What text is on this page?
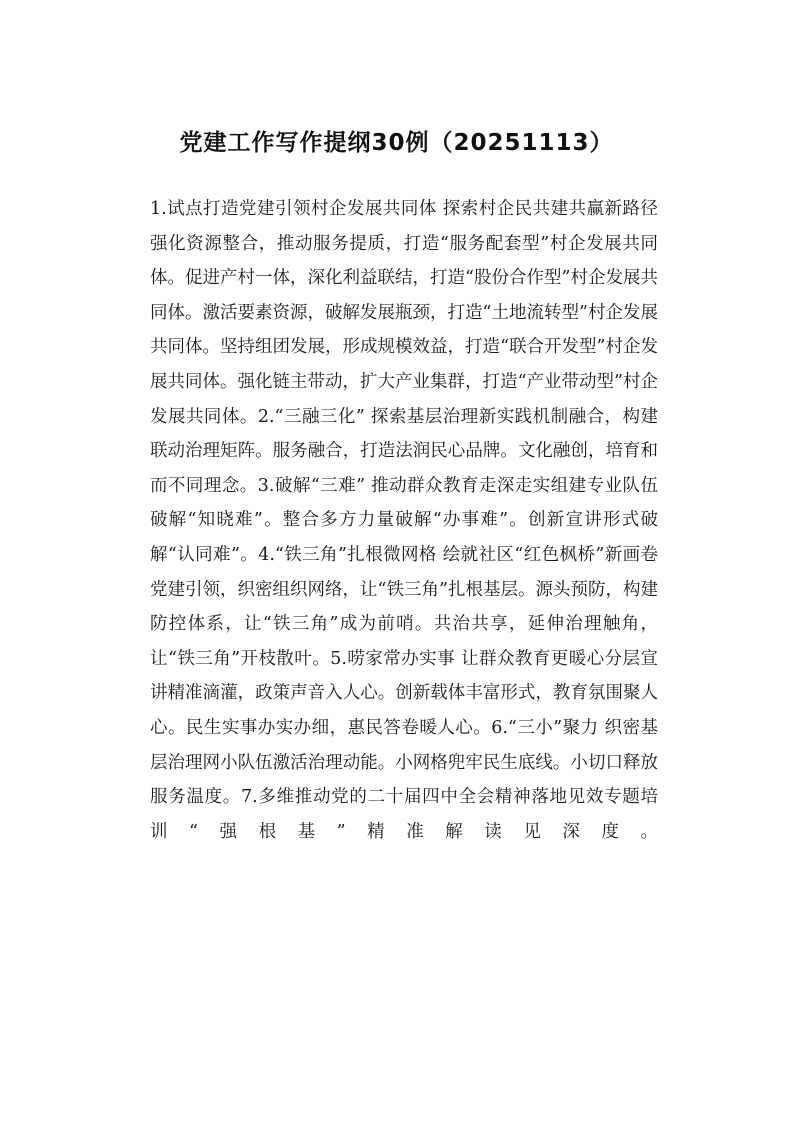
党建工作写作提纲30例（20251113）

1.试点打造党建引领村企发展共同体 探索村企民共建共赢新路径强化资源整合，推动服务提质，打造“服务配套型”村企发展共同体。促进产村一体，深化利益联结，打造“股份合作型”村企发展共同体。激活要素资源，破解发展瓶颈，打造“土地流转型”村企发展共同体。坚持组团发展，形成规模效益，打造“联合开发型”村企发展共同体。强化链主带动，扩大产业集群，打造“产业带动型”村企发展共同体。2.“三融三化” 探索基层治理新实践机制融合，构建联动治理矩阵。服务融合，打造法润民心品牌。文化融创，培育和而不同理念。3.破解“三难” 推动群众教育走深走实组建专业队伍破解“知晓难”。整合多方力量破解“办事难”。创新宣讲形式破解“认同难”。4.“铁三角”扎根微网格 绘就社区“红色枫桥”新画卷党建引领，织密组织网络，让“铁三角”扎根基层。源头预防，构建防控体系，让“铁三角”成为前哨。共治共享，延伸治理触角，让“铁三角”开枝散叶。5.唠家常办实事 让群众教育更暖心分层宣讲精准滴灌，政策声音入人心。创新载体丰富形式，教育氛围聚人心。民生实事办实办细，惠民答卷暖人心。6.“三小”聚力 织密基层治理网小队伍激活治理动能。小网格兜牢民生底线。小切口释放服务温度。7.多维推动党的二十届四中全会精神落地见效专题培训“强根基”精准解读见深度。
